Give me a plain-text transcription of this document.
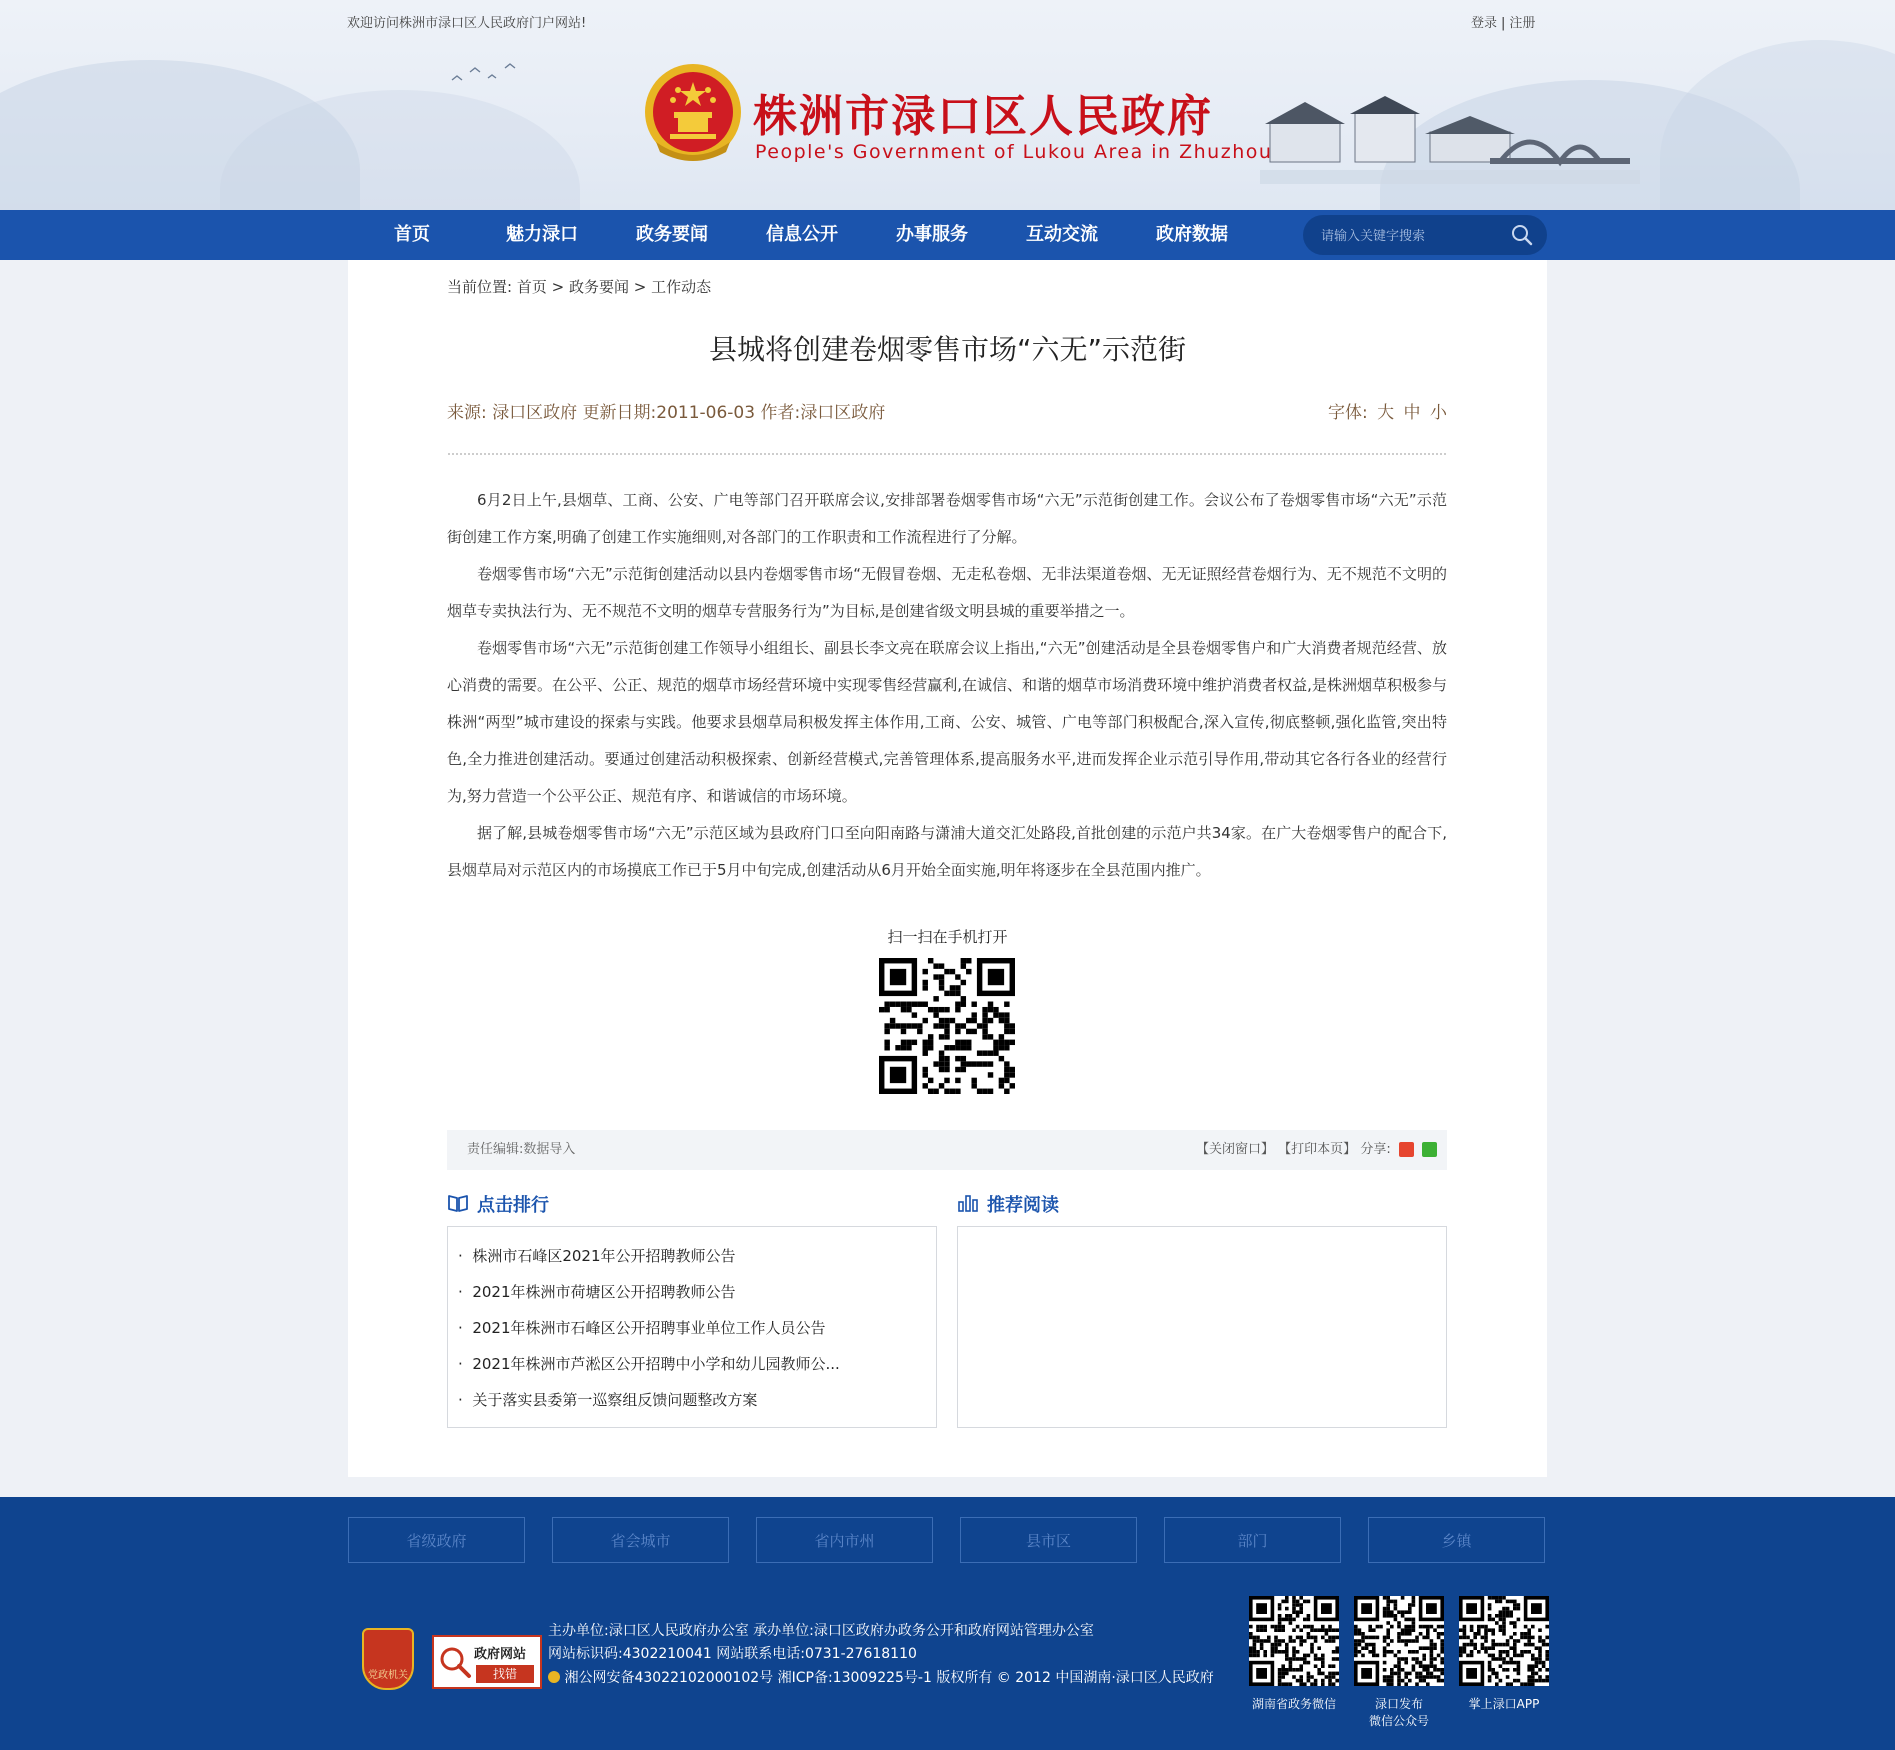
欢迎访问株洲市渌口区人民政府门户网站!	登录 | 注册
株洲市渌口区人民政府
People's Government of Lukou Area in Zhuzhou
首页	魅力渌口	政务要闻	信息公开	办事服务	互动交流	政府数据
请输入关键字搜索
当前位置: 首页 > 政务要闻 > 工作动态
县城将创建卷烟零售市场“六无”示范街
来源: 渌口区政府 更新日期:2011-06-03 作者:渌口区政府	字体: 大 中 小

6月2日上午,县烟草、工商、公安、广电等部门召开联席会议,安排部署卷烟零售市场“六无”示范街创建工作。会议公布了卷烟零售市场“六无”示范街创建工作方案,明确了创建工作实施细则,对各部门的工作职责和工作流程进行了分解。

卷烟零售市场“六无”示范街创建活动以县内卷烟零售市场“无假冒卷烟、无走私卷烟、无非法渠道卷烟、无无证照经营卷烟行为、无不规范不文明的烟草专卖执法行为、无不规范不文明的烟草专营服务行为”为目标,是创建省级文明县城的重要举措之一。

卷烟零售市场“六无”示范街创建工作领导小组组长、副县长李文亮在联席会议上指出,“六无”创建活动是全县卷烟零售户和广大消费者规范经营、放心消费的需要。在公平、公正、规范的烟草市场经营环境中实现零售经营赢利,在诚信、和谐的烟草市场消费环境中维护消费者权益,是株洲烟草积极参与株洲“两型”城市建设的探索与实践。他要求县烟草局积极发挥主体作用,工商、公安、城管、广电等部门积极配合,深入宣传,彻底整顿,强化监管,突出特色,全力推进创建活动。要通过创建活动积极探索、创新经营模式,完善管理体系,提高服务水平,进而发挥企业示范引导作用,带动其它各行各业的经营行为,努力营造一个公平公正、规范有序、和谐诚信的市场环境。

据了解,县城卷烟零售市场“六无”示范区域为县政府门口至向阳南路与潇浦大道交汇处路段,首批创建的示范户共34家。在广大卷烟零售户的配合下,县烟草局对示范区内的市场摸底工作已于5月中旬完成,创建活动从6月开始全面实施,明年将逐步在全县范围内推广。

扫一扫在手机打开
责任编辑:数据导入	【关闭窗口】 【打印本页】 分享:
点击排行
·  株洲市石峰区2021年公开招聘教师公告
·  2021年株洲市荷塘区公开招聘教师公告
·  2021年株洲市石峰区公开招聘事业单位工作人员公告
·  2021年株洲市芦淞区公开招聘中小学和幼儿园教师公...
·  关于落实县委第一巡察组反馈问题整改方案
推荐阅读
省级政府	省会城市	省内市州	县市区	部门	乡镇
党政机关
政府网站
找错
主办单位:渌口区人民政府办公室 承办单位:渌口区政府办政务公开和政府网站管理办公室
网站标识码:4302210041 网站联系电话:0731-27618110
湘公网安备43022102000102号 湘ICP备:13009225号-1 版权所有 © 2012 中国湖南·渌口区人民政府
湖南省政务微信	渌口发布
微信公众号
掌上渌口APP
